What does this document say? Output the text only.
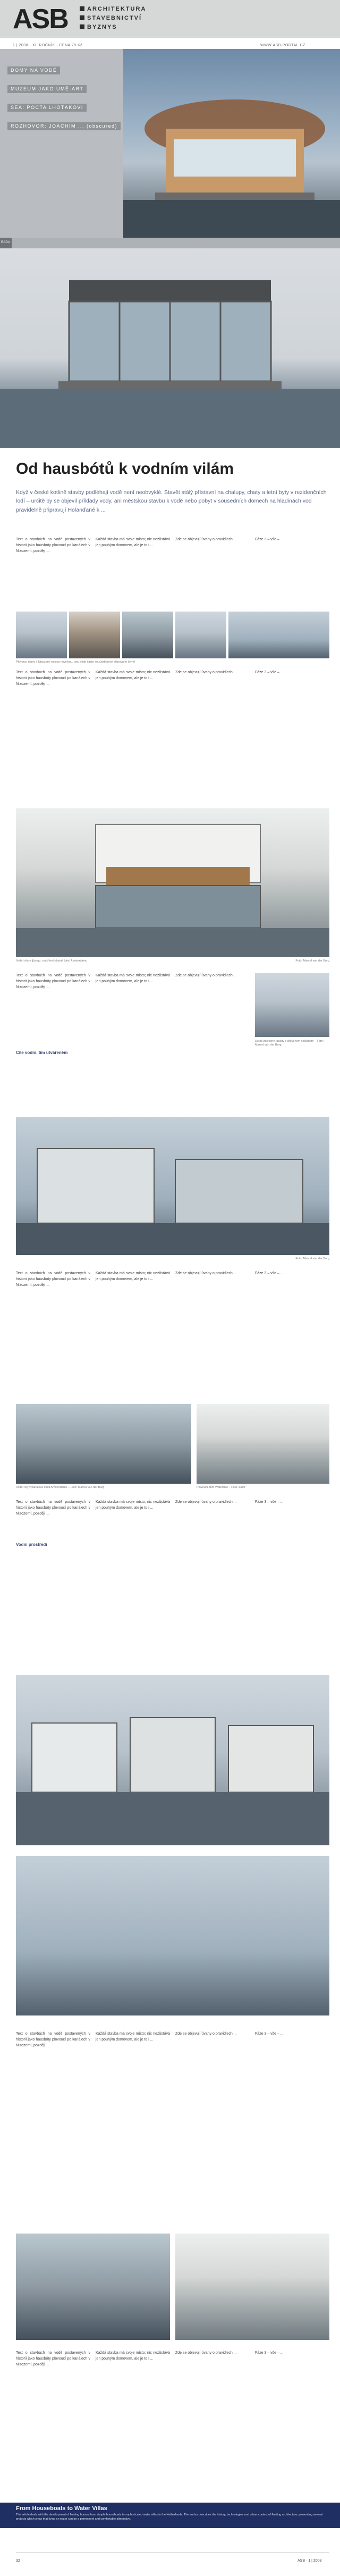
ASB	ARCHITEKTURA
STAVEBNICTVÍ
BYZNYS
1 | 2008 · XI. ROČNÍK · CENA 79 Kč	WWW.ASB-PORTAL.CZ
DOMY NA VODĚ
MUZEUM JAKO UMĚ-ART
SEA: POCTA LHOTÁKOVI
ROZHOVOR: JOACHIM ... (obscured)
RADA
Od hausbótů k vodním vilám
Když v české kotlině stavby podléhají vodě není neobvyklé. Stavět stálý přístavní na chalupy, chaty a letní byty v rezidenčních lodí – určitě by se objevil příklady vody, ani městskou stavbu k vodě nebo pobyt v sousedních domech na hladinách vod pravidelně připravují Holanďané k ...
Text o stavbách na vodě postavených v historii jako hausbóty plovoucí po kanálech v Nizozemí, později ...
Každá stavba má svoje místo; nic nezůstává jen pouhým domovem, ale je to i ...
Zde se objevují úvahy o pravidlech ...	Fáze 3 – vše – ...
Plovoucí domy v Nizozemí nejsou novinkou, jsou však často součástí nové plánované čtvrtě
Text o stavbách na vodě postavených v historii jako hausbóty plovoucí po kanálech v Nizozemí, později ...
Každá stavba má svoje místo; nic nezůstává jen pouhým domovem, ale je to i ...
Zde se objevují úvahy o pravidlech ...	Fáze 3 – vše – ...
Vodní vila v Ijburgu, rozšíření obytné části Amsterdamu	Foto: Marcel van der Burg
Text o stavbách na vodě postavených v historii jako hausbóty plovoucí po kanálech v Nizozemí, později ...
Každá stavba má svoje místo; nic nezůstává jen pouhým domovem, ale je to i ...
Zde se objevují úvahy o pravidlech ...
Cíle vodní, tím utvářeném
Detail zasklené fasády s dřevěným obkladem – Foto: Marcel van der Burg
Foto: Marcel van der Burg
Text o stavbách na vodě postavených v historii jako hausbóty plovoucí po kanálech v Nizozemí, později ...
Každá stavba má svoje místo; nic nezůstává jen pouhým domovem, ale je to i ...
Zde se objevují úvahy o pravidlech ...	Fáze 3 – vše – ...
Vodní vily v kanálové části Amsterdamu – Foto: Marcel van der Burg	Plovoucí dům Waterlinie – Foto: autor
Text o stavbách na vodě postavených v historii jako hausbóty plovoucí po kanálech v Nizozemí, později ...
Vodní prostředí
Každá stavba má svoje místo; nic nezůstává jen pouhým domovem, ale je to i ...
Zde se objevují úvahy o pravidlech ...	Fáze 3 – vše – ...
Text o stavbách na vodě postavených v historii jako hausbóty plovoucí po kanálech v Nizozemí, později ...
Každá stavba má svoje místo; nic nezůstává jen pouhým domovem, ale je to i ...
Zde se objevují úvahy o pravidlech ...	Fáze 3 – vše – ...
Text o stavbách na vodě postavených v historii jako hausbóty plovoucí po kanálech v Nizozemí, později ...
Každá stavba má svoje místo; nic nezůstává jen pouhým domovem, ale je to i ...
Zde se objevují úvahy o pravidlech ...	Fáze 3 – vše – ...
From Houseboats to Water Villas
The article deals with the development of floating houses from simple houseboats to sophisticated water villas in the Netherlands. The author describes the history, technologies and urban context of floating architecture, presenting several projects which show that living on water can be a permanent and comfortable alternative.
32	ASB · 1 | 2008
